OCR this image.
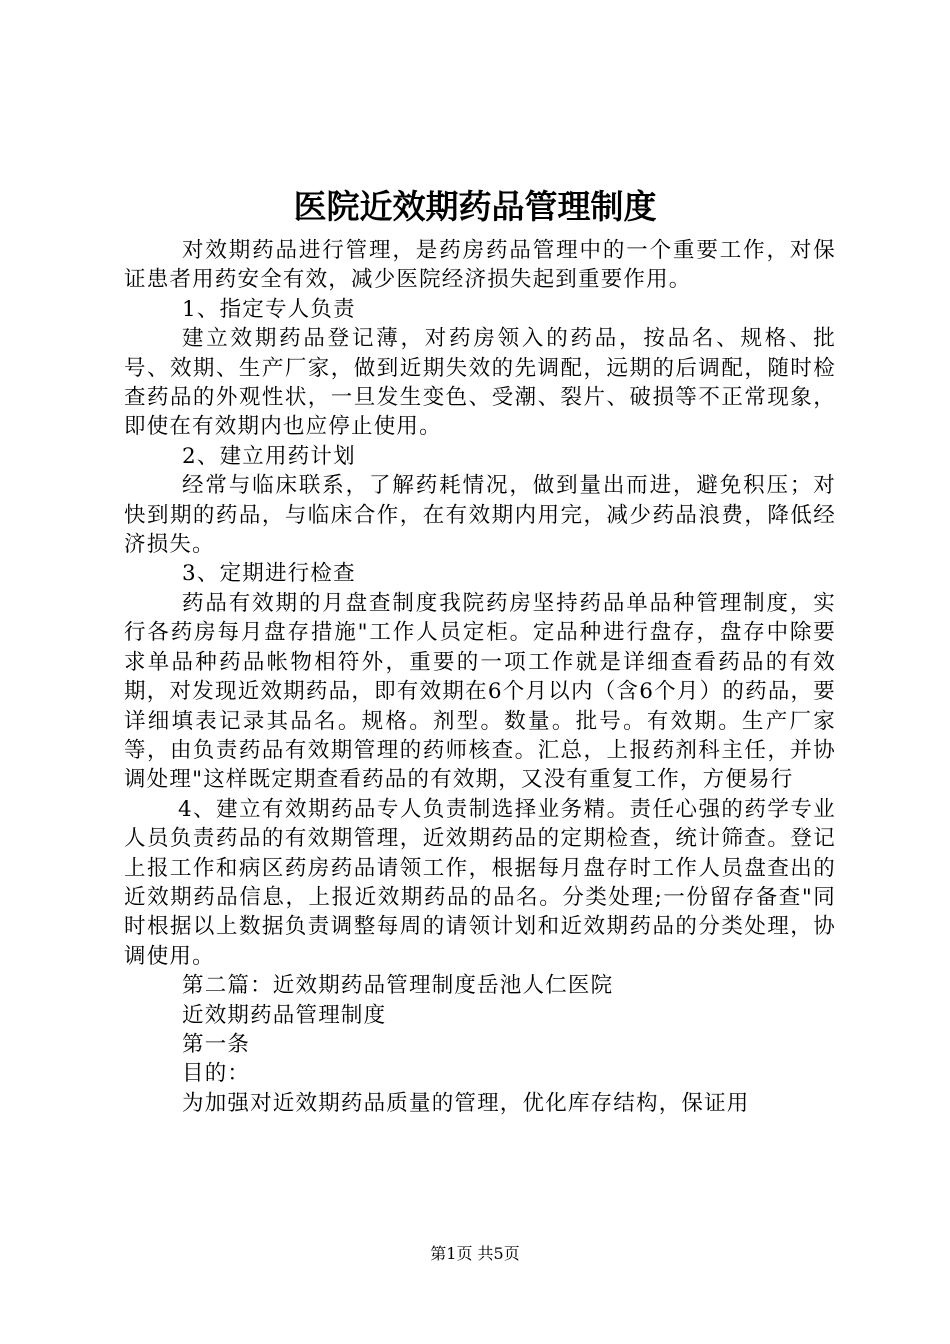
医院近效期药品管理制度

对效期药品进行管理，是药房药品管理中的一个重要工作，对保证患者用药安全有效，减少医院经济损失起到重要作用。

1、指定专人负责

建立效期药品登记薄，对药房领入的药品，按品名、规格、批号、效期、生产厂家，做到近期失效的先调配，远期的后调配，随时检查药品的外观性状，一旦发生变色、受潮、裂片、破损等不正常现象，即使在有效期内也应停止使用。

2、建立用药计划

经常与临床联系，了解药耗情况，做到量出而进，避免积压；对快到期的药品，与临床合作，在有效期内用完，减少药品浪费，降低经济损失。

3、定期进行检查

药品有效期的月盘查制度我院药房坚持药品单品种管理制度，实行各药房每月盘存措施"工作人员定柜。定品种进行盘存，盘存中除要求单品种药品帐物相符外，重要的一项工作就是详细查看药品的有效期，对发现近效期药品，即有效期在6个月以内（含6个月）的药品，要详细填表记录其品名。规格。剂型。数量。批号。有效期。生产厂家等，由负责药品有效期管理的药师核查。汇总，上报药剂科主任，并协调处理"这样既定期查看药品的有效期，又没有重复工作，方便易行

4、建立有效期药品专人负责制选择业务精。责任心强的药学专业人员负责药品的有效期管理，近效期药品的定期检查，统计筛查。登记上报工作和病区药房药品请领工作，根据每月盘存时工作人员盘查出的近效期药品信息，上报近效期药品的品名。分类处理;一份留存备查"同时根据以上数据负责调整每周的请领计划和近效期药品的分类处理，协调使用。

第二篇：近效期药品管理制度岳池人仁医院

近效期药品管理制度

第一条

目的：

为加强对近效期药品质量的管理，优化库存结构，保证用

第1页 共5页
